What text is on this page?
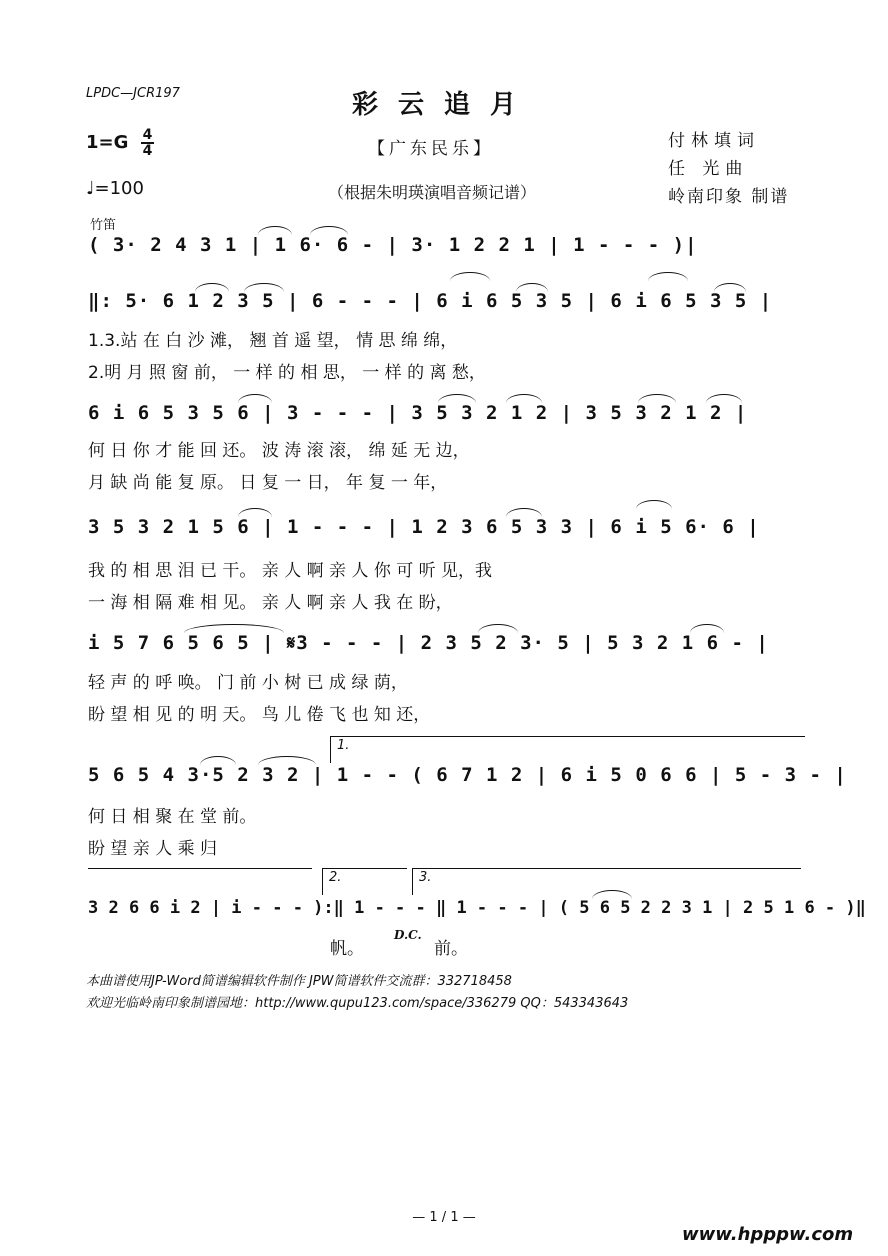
LPDC—JCR197	彩云追月
$1=G \frac{4}{4}$
♩=100
【广东民乐】
（根据朱明瑛演唱音频记谱）
付林填词
任 光曲
岭南印象 制谱
竹笛
( 3· 2 4 3 1 | 1 6· 6 - | 3· 1 2 2 1 | 1 - - - )|
‖: 5· 6 1 2 3 5 | 6 - - - | 6 i 6 5 3 5 | 6 i 6 5 3 5 |
1.3.站 在 白 沙 滩， 翘 首 遥 望， 情 思 绵 绵，
2.明 月 照 窗 前， 一 样 的 相 思， 一 样 的 离 愁，
6 i 6 5 3 5 6 | 3 - - - | 3 5 3 2 1 2 | 3 5 3 2 1 2 |
何 日 你 才 能 回 还。 波 涛 滚 滚， 绵 延 无 边，
月 缺 尚 能 复 原。 日 复 一 日， 年 复 一 年，
3 5 3 2 1 5 6 | 1 - - - | 1 2 3 6 5 3 3 | 6 i 5 6· 6 |
我 的 相 思 泪 已 干。 亲 人 啊 亲 人 你 可 听 见，我
一 海 相 隔 难 相 见。 亲 人 啊 亲 人 我 在 盼，
i 5 7 6 5 6 5 | 𝄋3 - - - | 2 3 5 2 3· 5 | 5 3 2 1 6 - |
轻 声 的 呼 唤。 门 前 小 树 已 成 绿 荫，
盼 望 相 见 的 明 天。 鸟 儿 倦 飞 也 知 还，
1.
5 6 5 4 3·5 2 3 2 | 1 - - ( 6 7 1 2 | 6 i 5 0 6 6 | 5 - 3 - |
何 日 相 聚 在 堂 前。
盼 望 亲 人 乘 归
2.	3.
3 2 6 6 i 2 | i - - - ):‖ 1 - - - ‖ 1 - - - | ( 5 6 5 2 2 3 1 | 2 5 1 6 - )‖
帆。
D.C.
前。
本曲谱使用JP-Word简谱编辑软件制作 JPW简谱软件交流群：332718458
欢迎光临岭南印象制谱园地：http://www.qupu123.com/space/336279 QQ：543343643
— 1 / 1 —
www.hpppw.com
